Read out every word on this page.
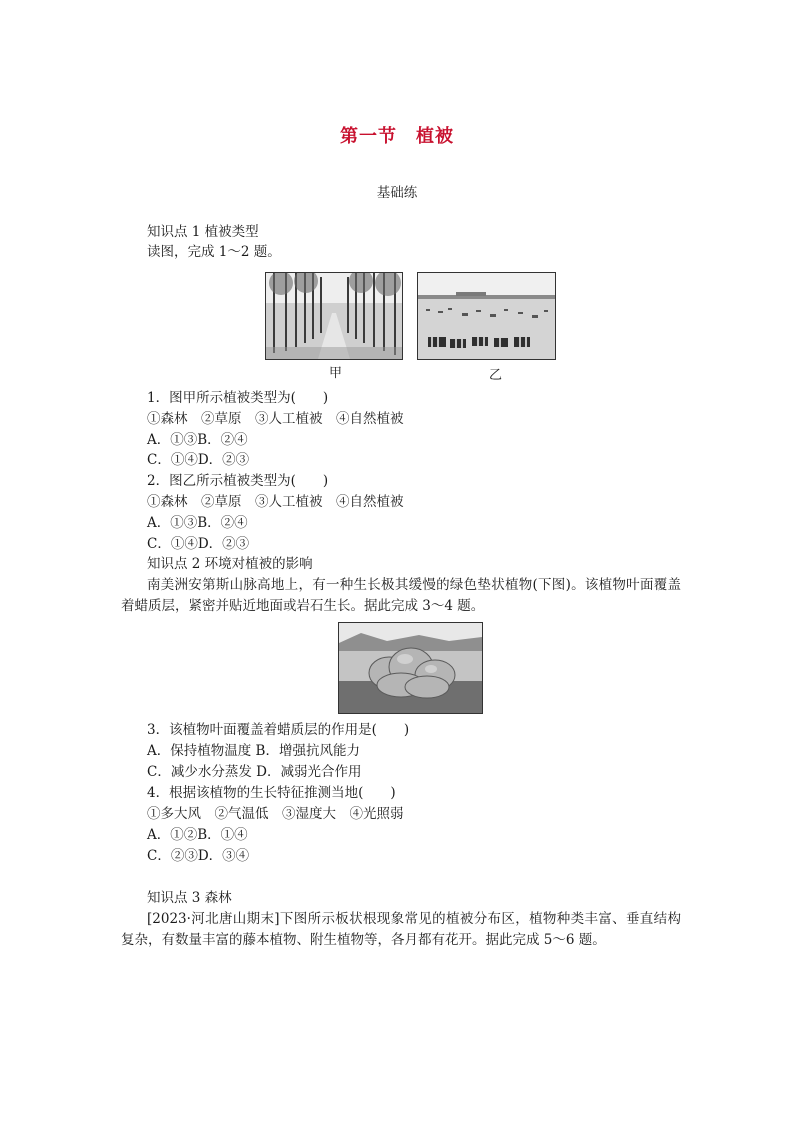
第一节　植被
基础练
知识点 1 植被类型
读图，完成 1～2 题。
甲	乙
1．图甲所示植被类型为(　　)
①森林　②草原　③人工植被　④自然植被
A．①③B．②④
C．①④D．②③
2．图乙所示植被类型为(　　)
①森林　②草原　③人工植被　④自然植被
A．①③B．②④
C．①④D．②③
知识点 2 环境对植被的影响
南美洲安第斯山脉高地上，有一种生长极其缓慢的绿色垫状植物(下图)。该植物叶面覆盖着蜡质层，紧密并贴近地面或岩石生长。据此完成 3～4 题。
3．该植物叶面覆盖着蜡质层的作用是(　　)
A．保持植物温度 B．增强抗风能力
C．减少水分蒸发 D．减弱光合作用
4．根据该植物的生长特征推测当地(　　)
①多大风　②气温低　③湿度大　④光照弱
A．①②B．①④
C．②③D．③④
知识点 3 森林
[2023·河北唐山期末]下图所示板状根现象常见的植被分布区，植物种类丰富、垂直结构复杂，有数量丰富的藤本植物、附生植物等，各月都有花开。据此完成 5～6 题。
